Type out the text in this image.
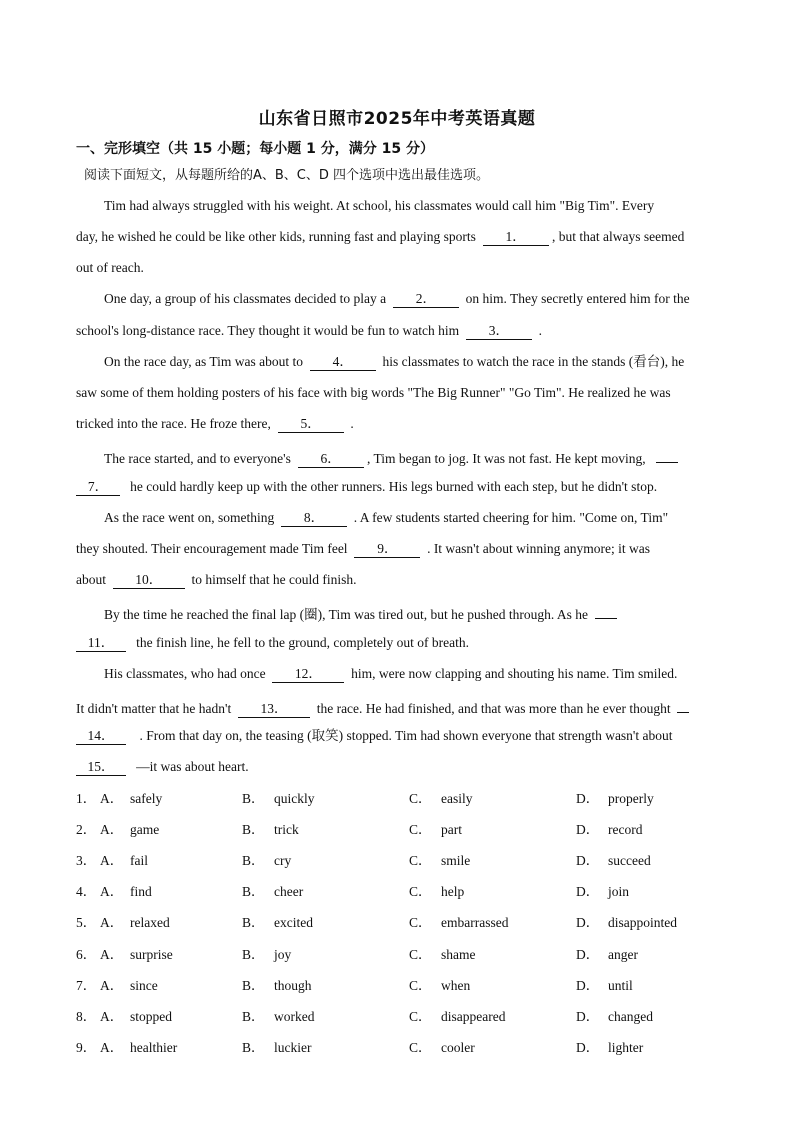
山东省日照市2025年中考英语真题
一、完形填空（共 15 小题；每小题 1 分，满分 15 分）
阅读下面短文，从每题所给的A、B、C、D 四个选项中选出最佳选项。
Tim had always struggled with his weight. At school, his classmates would call him "Big Tim". Every
day, he wished he could be like other kids, running fast and playing sports 1． , but that always seemed
out of reach.
One day, a group of his classmates decided to play a 2． on him. They secretly entered him for the
school's long-distance race. They thought it would be fun to watch him 3． .
On the race day, as Tim was about to 4． his classmates to watch the race in the stands (看台), he
saw some of them holding posters of his face with big words "The Big Runner" "Go Tim". He realized he was
tricked into the race. He froze there, 5． .
The race started, and to everyone's 6． , Tim began to jog. It was not fast. He kept moving,
7． he could hardly keep up with the other runners. His legs burned with each step, but he didn't stop.
As the race went on, something 8． . A few students started cheering for him. "Come on, Tim"
they shouted. Their encouragement made Tim feel 9． . It wasn't about winning anymore; it was
about 10． to himself that he could finish.
By the time he reached the final lap (圈), Tim was tired out, but he pushed through. As he
11． the finish line, he fell to the ground, completely out of breath.
His classmates, who had once 12． him, were now clapping and shouting his name. Tim smiled.
It didn't matter that he hadn't 13． the race. He had finished, and that was more than he ever thought
14． . From that day on, the teasing (取笑) stopped. Tim had shown everyone that strength wasn't about
15． —it was about heart.
1． A． safely	B． quickly	C． easily	D． properly
2． A． game	B． trick	C． part	D． record
3． A． fail	B． cry	C． smile	D． succeed
4． A． find	B． cheer	C． help	D． join
5． A． relaxed	B． excited	C． embarrassed	D． disappointed
6． A． surprise	B． joy	C． shame	D． anger
7． A． since	B． though	C． when	D． until
8． A． stopped	B． worked	C． disappeared	D． changed
9． A． healthier	B． luckier	C． cooler	D． lighter
